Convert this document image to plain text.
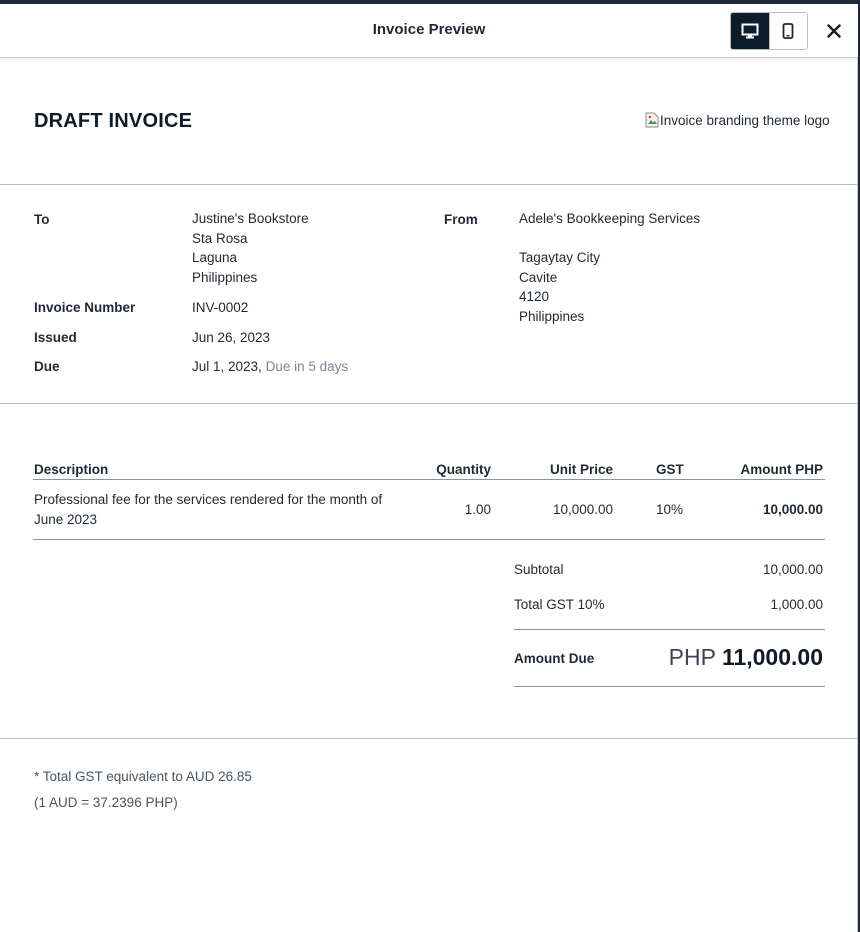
Invoice Preview
DRAFT INVOICE	Invoice branding theme logo
To	Justine's Bookstore
Sta Rosa
Laguna
Philippines
From	Adele's Bookkeeping Services
Tagaytay City
Cavite
4120
Philippines
Invoice Number	INV-0002
Issued	Jun 26, 2023
Due	Jul 1, 2023, Due in 5 days
Description	Quantity	Unit Price	GST	Amount PHP
Professional fee for the services rendered for the month of
June 2023
1.00	10,000.00	10%	10,000.00
Subtotal	10,000.00
Total GST 10%	1,000.00
Amount Due	PHP 11,000.00
* Total GST equivalent to AUD 26.85
(1 AUD = 37.2396 PHP)
